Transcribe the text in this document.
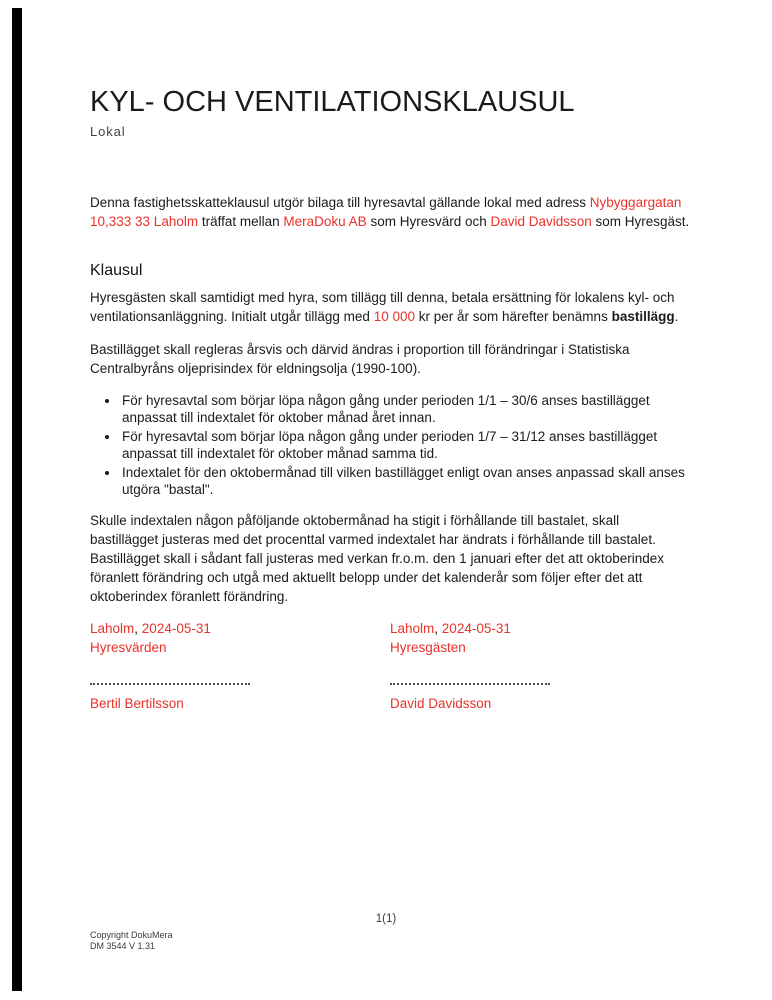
KYL- OCH VENTILATIONSKLAUSUL
Lokal

Denna fastighetsskatteklausul utgör bilaga till hyresavtal gällande lokal med adress Nybyggargatan 10,333 33 Laholm träffat mellan MeraDoku AB som Hyresvärd och David Davidsson som Hyresgäst.

Klausul

Hyresgästen skall samtidigt med hyra, som tillägg till denna, betala ersättning för lokalens kyl- och ventilationsanläggning. Initialt utgår tillägg med 10 000 kr per år som härefter benämns bastillägg.

Bastillägget skall regleras årsvis och därvid ändras i proportion till förändringar i Statistiska Centralbyråns oljeprisindex för eldningsolja (1990-100).

• För hyresavtal som börjar löpa någon gång under perioden 1/1 – 30/6 anses bastillägget anpassat till indextalet för oktober månad året innan.
• För hyresavtal som börjar löpa någon gång under perioden 1/7 – 31/12 anses bastillägget anpassat till indextalet för oktober månad samma tid.
• Indextalet för den oktobermånad till vilken bastillägget enligt ovan anses anpassad skall anses utgöra "bastal".

Skulle indextalen någon påföljande oktobermånad ha stigit i förhållande till bastalet, skall bastillägget justeras med det procenttal varmed indextalet har ändrats i förhållande till bastalet. Bastillägget skall i sådant fall justeras med verkan fr.o.m. den 1 januari efter det att oktoberindex föranlett förändring och utgå med aktuellt belopp under det kalenderår som följer efter det att oktoberindex föranlett förändring.

Laholm, 2024-05-31
Hyresvärden
Bertil Bertilsson
Laholm, 2024-05-31
Hyresgästen
David Davidsson
1(1)
Copyright DokuMera
DM 3544 V 1.31
